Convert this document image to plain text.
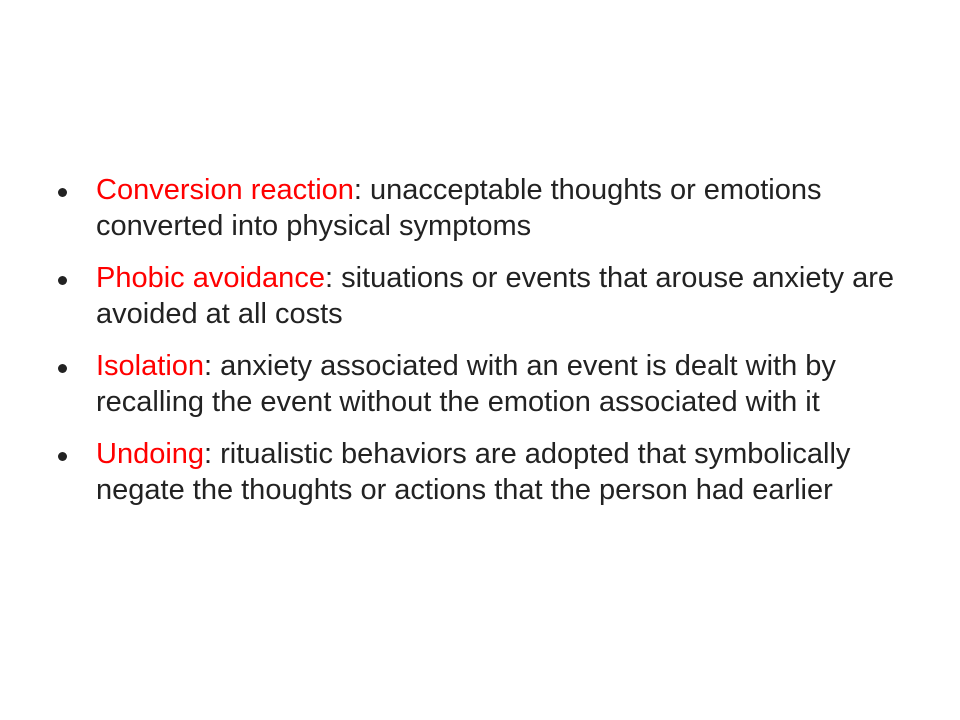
Conversion reaction: unacceptable thoughts or emotions converted into physical symptoms
Phobic avoidance: situations or events that arouse anxiety are avoided at all costs
Isolation: anxiety associated with an event is dealt with by recalling the event without the emotion associated with it
Undoing: ritualistic behaviors are adopted that symbolically negate the thoughts or actions that the person had earlier
